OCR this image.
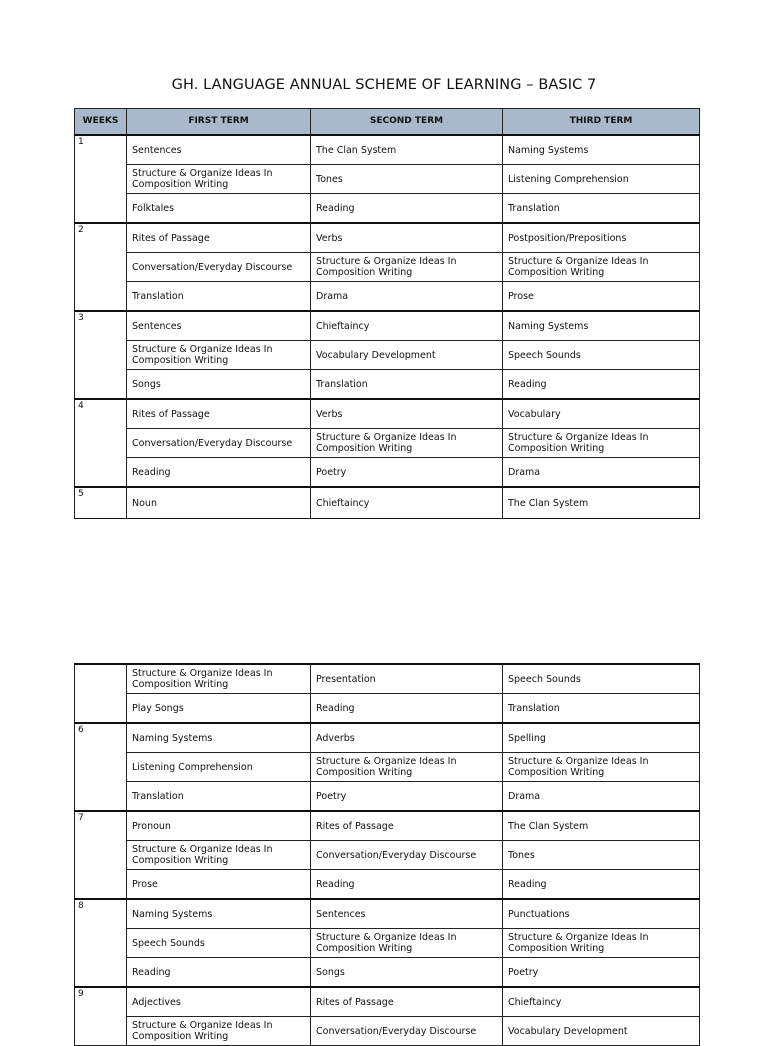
GH. LANGUAGE ANNUAL SCHEME OF LEARNING – BASIC 7
WEEKS	FIRST TERM	SECOND TERM	THIRD TERM
1	Sentences	The Clan System	Naming Systems
	Structure & Organize Ideas In Composition Writing	Tones	Listening Comprehension
	Folktales	Reading	Translation
2	Rites of Passage	Verbs	Postposition/Prepositions
	Conversation/Everyday Discourse	Structure & Organize Ideas In Composition Writing	Structure & Organize Ideas In Composition Writing
	Translation	Drama	Prose
3	Sentences	Chieftaincy	Naming Systems
	Structure & Organize Ideas In Composition Writing	Vocabulary Development	Speech Sounds
	Songs	Translation	Reading
4	Rites of Passage	Verbs	Vocabulary
	Conversation/Everyday Discourse	Structure & Organize Ideas In Composition Writing	Structure & Organize Ideas In Composition Writing
	Reading	Poetry	Drama
5	Noun	Chieftaincy	The Clan System
	Structure & Organize Ideas In Composition Writing	Presentation	Speech Sounds
	Play Songs	Reading	Translation
6	Naming Systems	Adverbs	Spelling
	Listening Comprehension	Structure & Organize Ideas In Composition Writing	Structure & Organize Ideas In Composition Writing
	Translation	Poetry	Drama
7	Pronoun	Rites of Passage	The Clan System
	Structure & Organize Ideas In Composition Writing	Conversation/Everyday Discourse	Tones
	Prose	Reading	Reading
8	Naming Systems	Sentences	Punctuations
	Speech Sounds	Structure & Organize Ideas In Composition Writing	Structure & Organize Ideas In Composition Writing
	Reading	Songs	Poetry
9	Adjectives	Rites of Passage	Chieftaincy
	Structure & Organize Ideas In Composition Writing	Conversation/Everyday Discourse	Vocabulary Development
